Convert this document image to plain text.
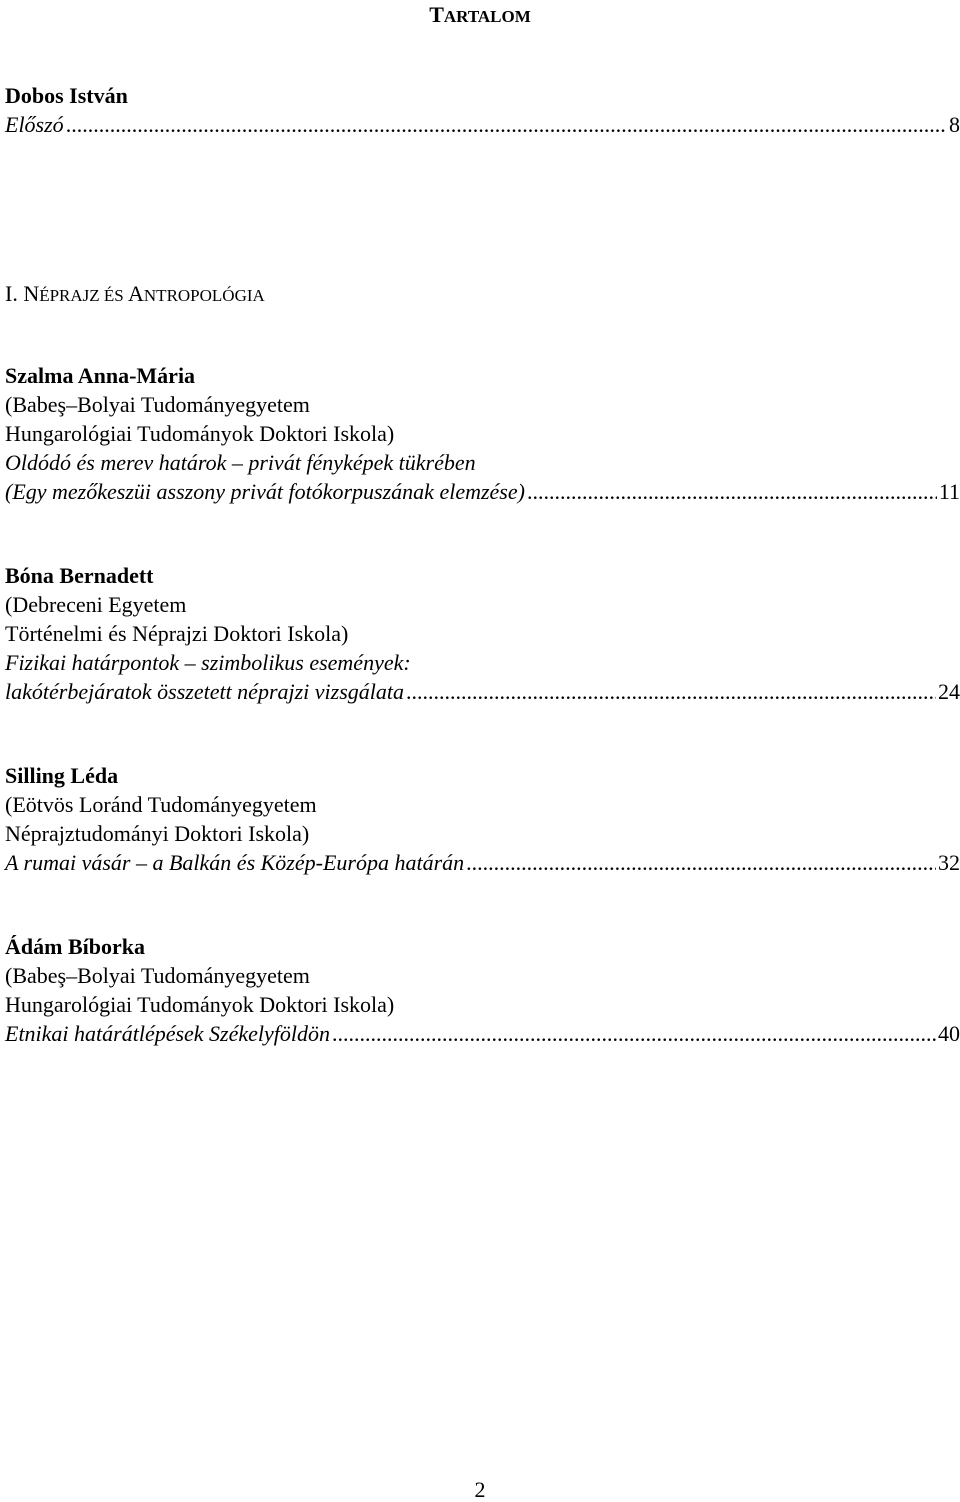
TARTALOM
Dobos István
Előszó .....	8
I. NÉPRAJZ ÉS ANTROPOLÓGIA
Szalma Anna-Mária
(Babeş–Bolyai Tudományegyetem
Hungarológiai Tudományok Doktori Iskola)
Oldódó és merev határok – privát fényképek tükrében
(Egy mezőkeszüi asszony privát fotókorpuszának elemzése) .....	11
Bóna Bernadett
(Debreceni Egyetem
Történelmi és Néprajzi Doktori Iskola)
Fizikai határpontok – szimbolikus események:
lakótérbejáratok összetett néprajzi vizsgálata .....	24
Silling Léda
(Eötvös Loránd Tudományegyetem
Néprajztudományi Doktori Iskola)
A rumai vásár – a Balkán és Közép-Európa határán .....	32
Ádám Bíborka
(Babeş–Bolyai Tudományegyetem
Hungarológiai Tudományok Doktori Iskola)
Etnikai határátlépések Székelyföldön .....	40
2
